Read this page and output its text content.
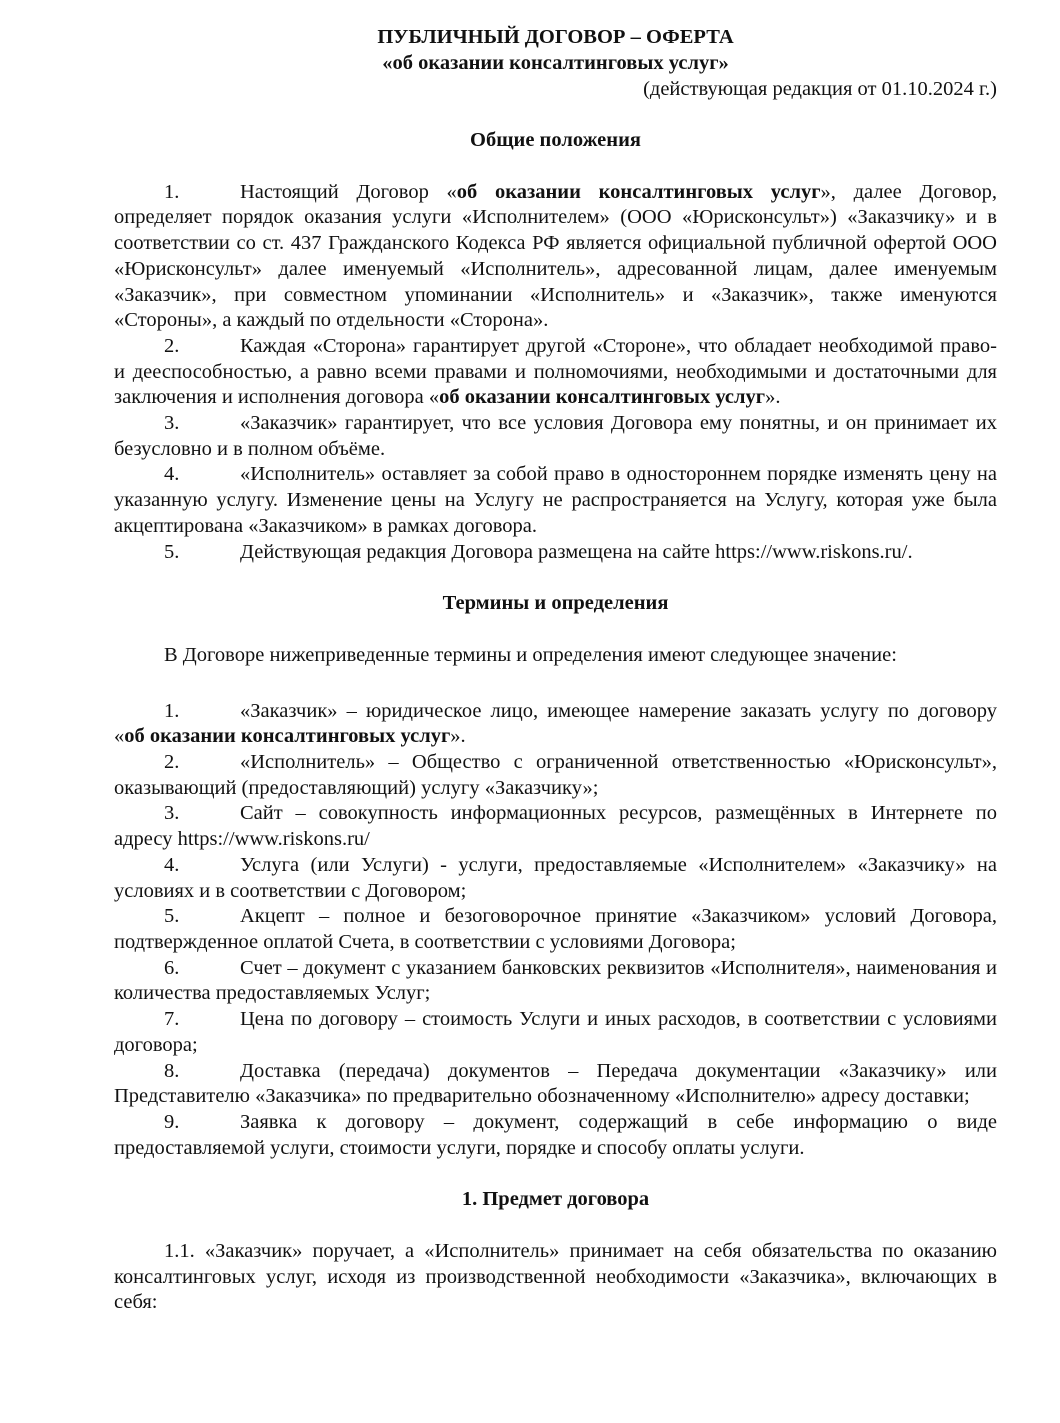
ПУБЛИЧНЫЙ ДОГОВОР – ОФЕРТА
«об оказании консалтинговых услуг»
(действующая редакция от 01.10.2024 г.)
Общие положения

1.	Настоящий Договор «об оказании консалтинговых услуг», далее Договор, определяет порядок оказания услуги «Исполнителем» (ООО «Юрисконсульт») «Заказчику» и в соответствии со ст. 437 Гражданского Кодекса РФ является официальной публичной офертой ООО «Юрисконсульт» далее именуемый «Исполнитель», адресованной лицам, далее именуемым «Заказчик», при совместном упоминании «Исполнитель» и «Заказчик», также именуются «Стороны», а каждый по отдельности «Сторона».

2.	Каждая «Сторона» гарантирует другой «Стороне», что обладает необходимой право- и дееспособностью, а равно всеми правами и полномочиями, необходимыми и достаточными для заключения и исполнения договора «об оказании консалтинговых услуг».

3.	«Заказчик» гарантирует, что все условия Договора ему понятны, и он принимает их безусловно и в полном объёме.

4.	«Исполнитель» оставляет за собой право в одностороннем порядке изменять цену на указанную услугу. Изменение цены на Услугу не распространяется на Услугу, которая уже была акцептирована «Заказчиком» в рамках договора.

5.	Действующая редакция Договора размещена на сайте https://www.riskons.ru/.

Термины и определения

В Договоре нижеприведенные термины и определения имеют следующее значение:

1.	«Заказчик» – юридическое лицо, имеющее намерение заказать услугу по договору «об оказании консалтинговых услуг».

2.	«Исполнитель» – Общество с ограниченной ответственностью «Юрисконсульт», оказывающий (предоставляющий) услугу «Заказчику»;

3.	Сайт – совокупность информационных ресурсов, размещённых в Интернете по адресу https://www.riskons.ru/

4.	Услуга (или Услуги) - услуги, предоставляемые «Исполнителем» «Заказчику» на условиях и в соответствии с Договором;

5.	Акцепт – полное и безоговорочное принятие «Заказчиком» условий Договора, подтвержденное оплатой Счета, в соответствии с условиями Договора;

6.	Счет – документ с указанием банковских реквизитов «Исполнителя», наименования и количества предоставляемых Услуг;

7.	Цена по договору – стоимость Услуги и иных расходов, в соответствии с условиями договора;

8.	Доставка (передача) документов – Передача документации «Заказчику» или Представителю «Заказчика» по предварительно обозначенному «Исполнителю» адресу доставки;

9.	Заявка к договору – документ, содержащий в себе информацию о виде предоставляемой услуги, стоимости услуги, порядке и способу оплаты услуги.

1. Предмет договора

1.1. «Заказчик» поручает, а «Исполнитель» принимает на себя обязательства по оказанию консалтинговых услуг, исходя из производственной необходимости «Заказчика», включающих в себя:
